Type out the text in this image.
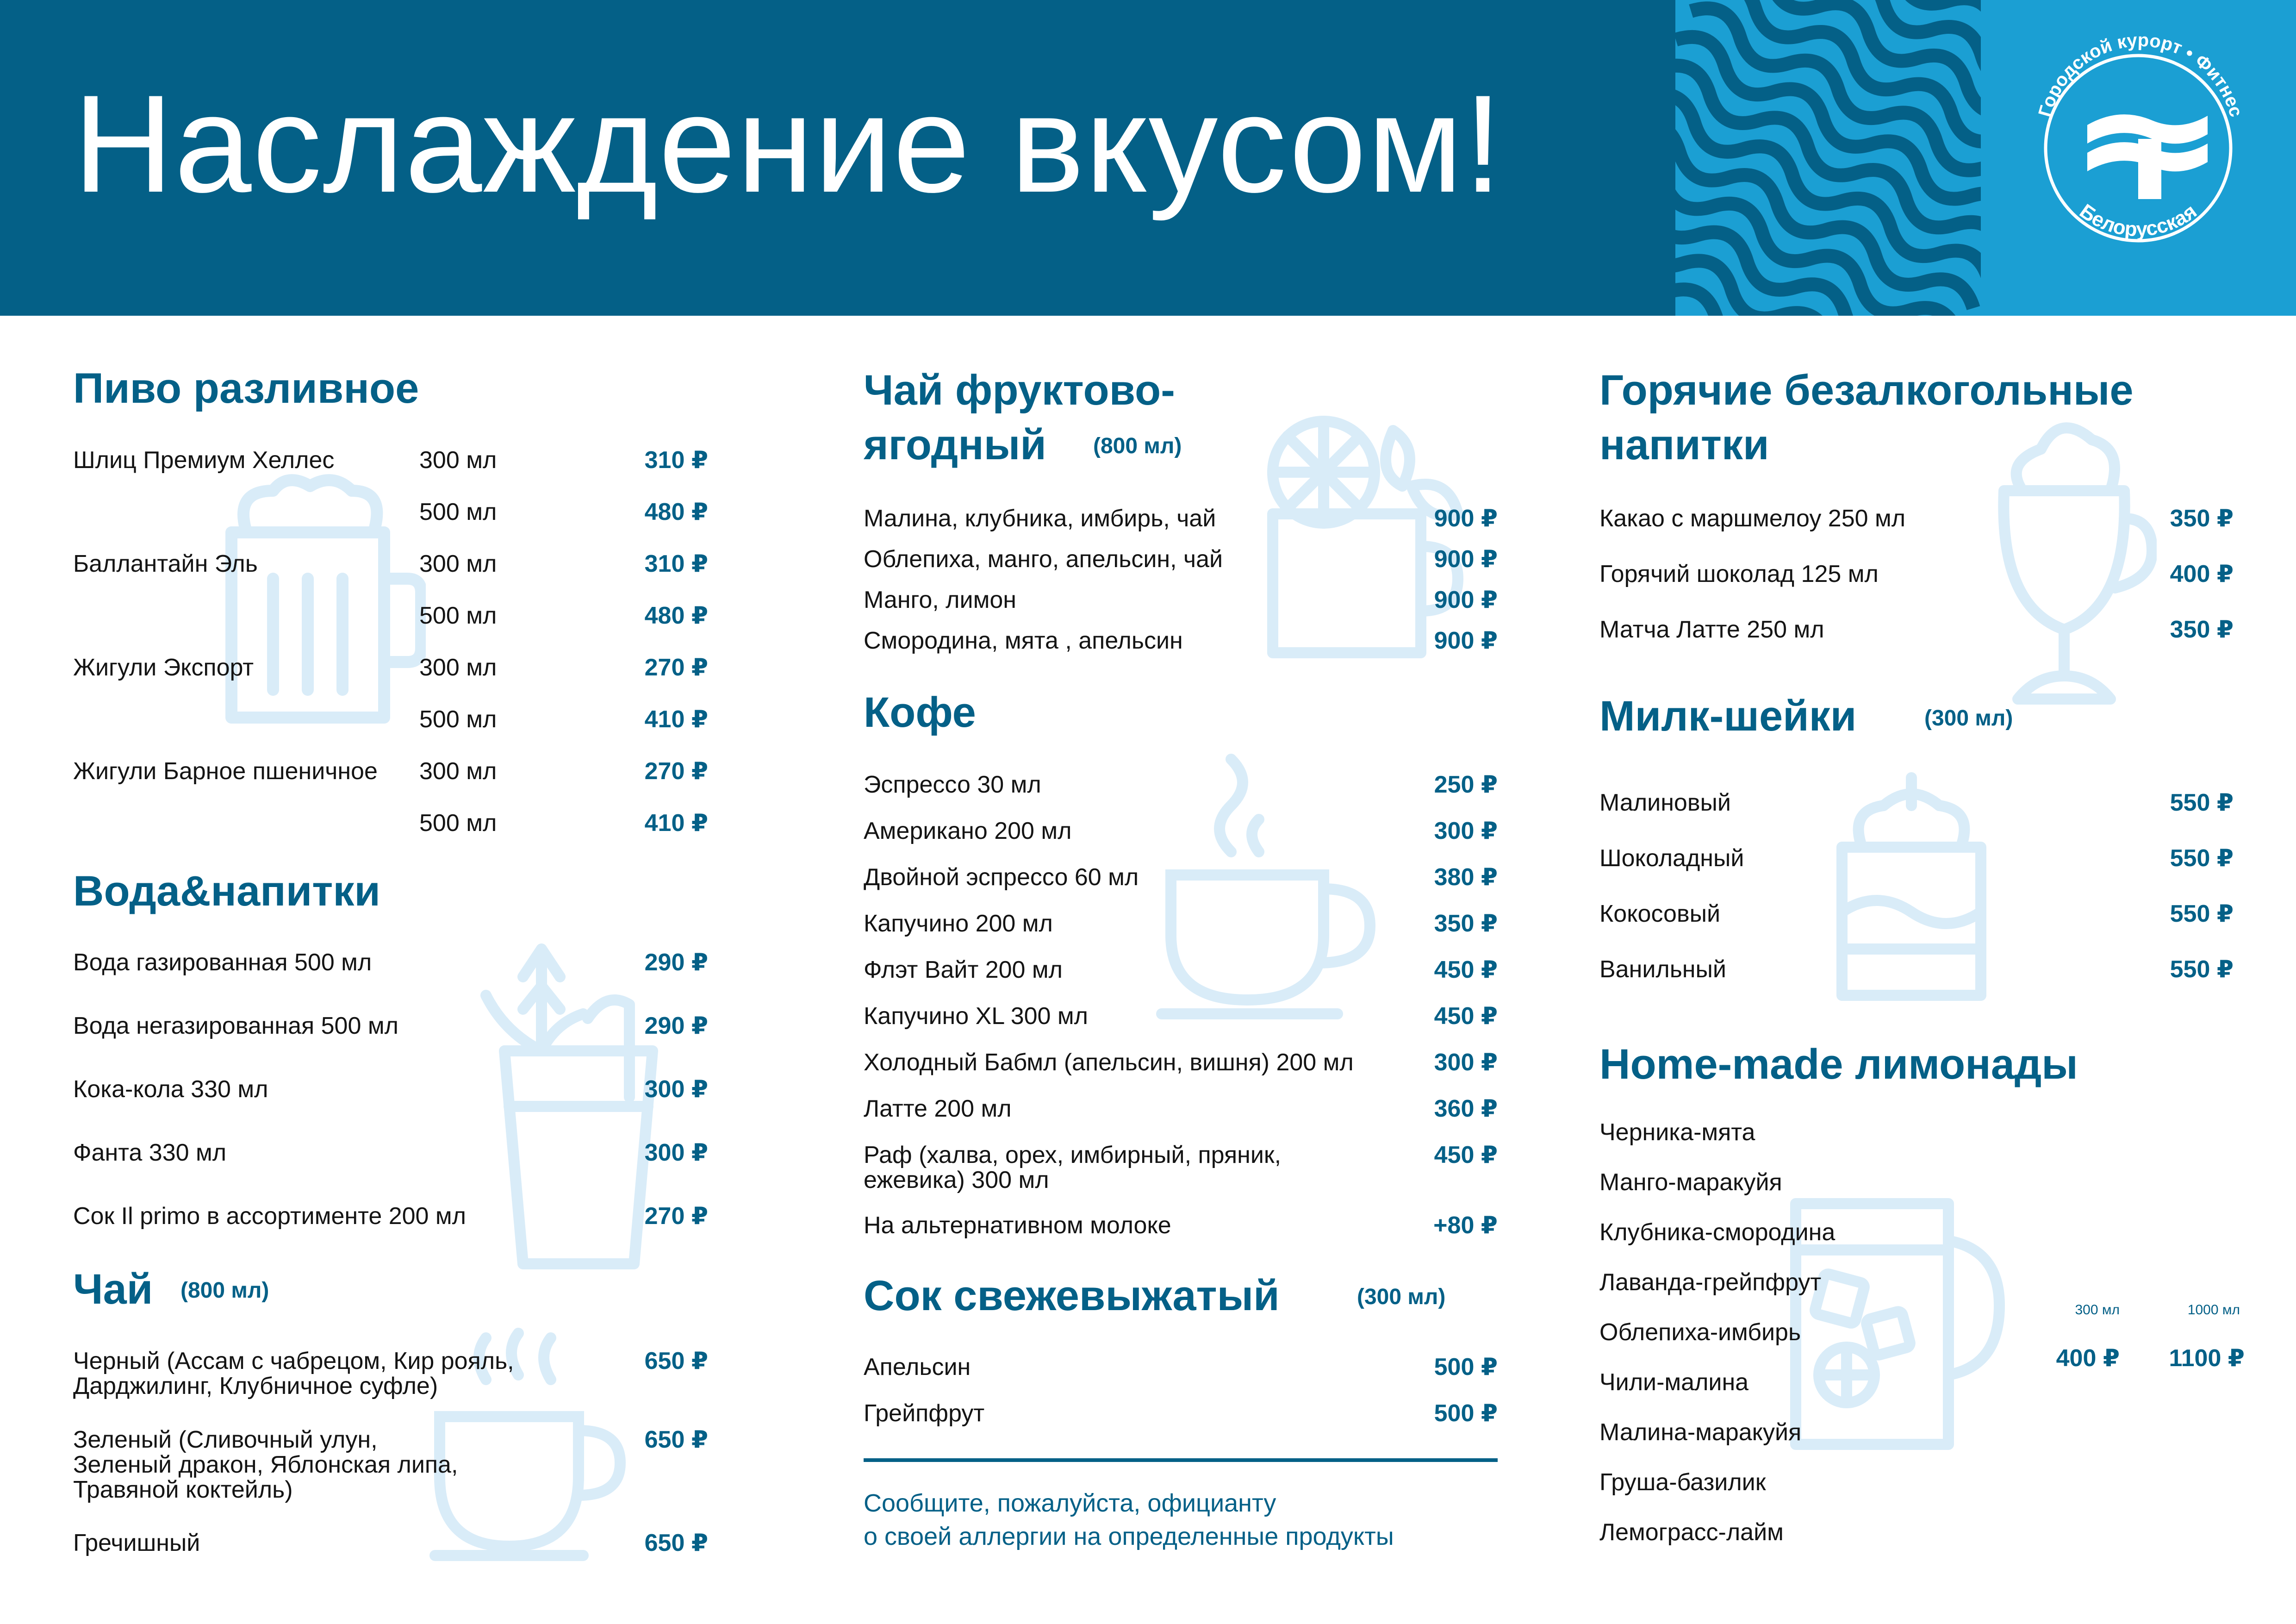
Наслаждение вкусом!	Городской курорт • Фитнес
Белорусская
Пиво разливное
Шлиц Премиум Хеллес	300 мл	310 ₽
500 мл	480 ₽
Баллантайн Эль	300 мл	310 ₽
500 мл	480 ₽
Жигули Экспорт	300 мл	270 ₽
500 мл	410 ₽
Жигули Барное пшеничное 300 мл	270 ₽
500 мл	410 ₽
Вода&напитки
Вода газированная 500 мл	290 ₽
Вода негазированная 500 мл	290 ₽
Кока-кола 330 мл	300 ₽
Фанта 330 мл	300 ₽
Сок Il primo в ассортименте 200 мл	270 ₽
Чай (800 мл)
Черный (Ассам с чабрецом, Кир рояль,
Дарджилинг, Клубничное суфле)
650 ₽
Зеленый (Сливочный улун,
Зеленый дракон, Яблонская липа,
Травяной коктейль)
650 ₽
Гречишный	650 ₽
Чай фруктово-
ягодный (800 мл)
Малина, клубника, имбирь, чай	900 ₽
Облепиха, манго, апельсин, чай	900 ₽
Манго, лимон	900 ₽
Смородина, мята , апельсин	900 ₽
Кофе
Эспрессо 30 мл	250 ₽
Американо 200 мл	300 ₽
Двойной эспрессо 60 мл	380 ₽
Капучино 200 мл	350 ₽
Флэт Вайт 200 мл	450 ₽
Капучино XL 300 мл	450 ₽
Холодный Бабмл (апельсин, вишня) 200 мл	300 ₽
Латте 200 мл	360 ₽
Раф (халва, орех, имбирный, пряник,
ежевика) 300 мл
450 ₽
На альтернативном молоке	+80 ₽
Сок свежевыжатый	(300 мл)
Апельсин	500 ₽
Грейпфрут	500 ₽
Сообщите, пожалуйста, официанту
о своей аллергии на определенные продукты
Горячие безалкогольные
напитки
Какао с маршмелоу 250 мл	350 ₽
Горячий шоколад 125 мл	400 ₽
Матча Латте 250 мл	350 ₽
Милк-шейки	(300 мл)
Малиновый	550 ₽
Шоколадный	550 ₽
Кокосовый	550 ₽
Ванильный	550 ₽
Home-made лимонады
Черника-мята
Манго-маракуйя
Клубника-смородина
Лаванда-грейпфрут
Облепиха-имбирь
Чили-малина
Малина-маракуйя
Груша-базилик
Лемограсс-лайм
300 мл	1000 мл
400 ₽	1100 ₽
